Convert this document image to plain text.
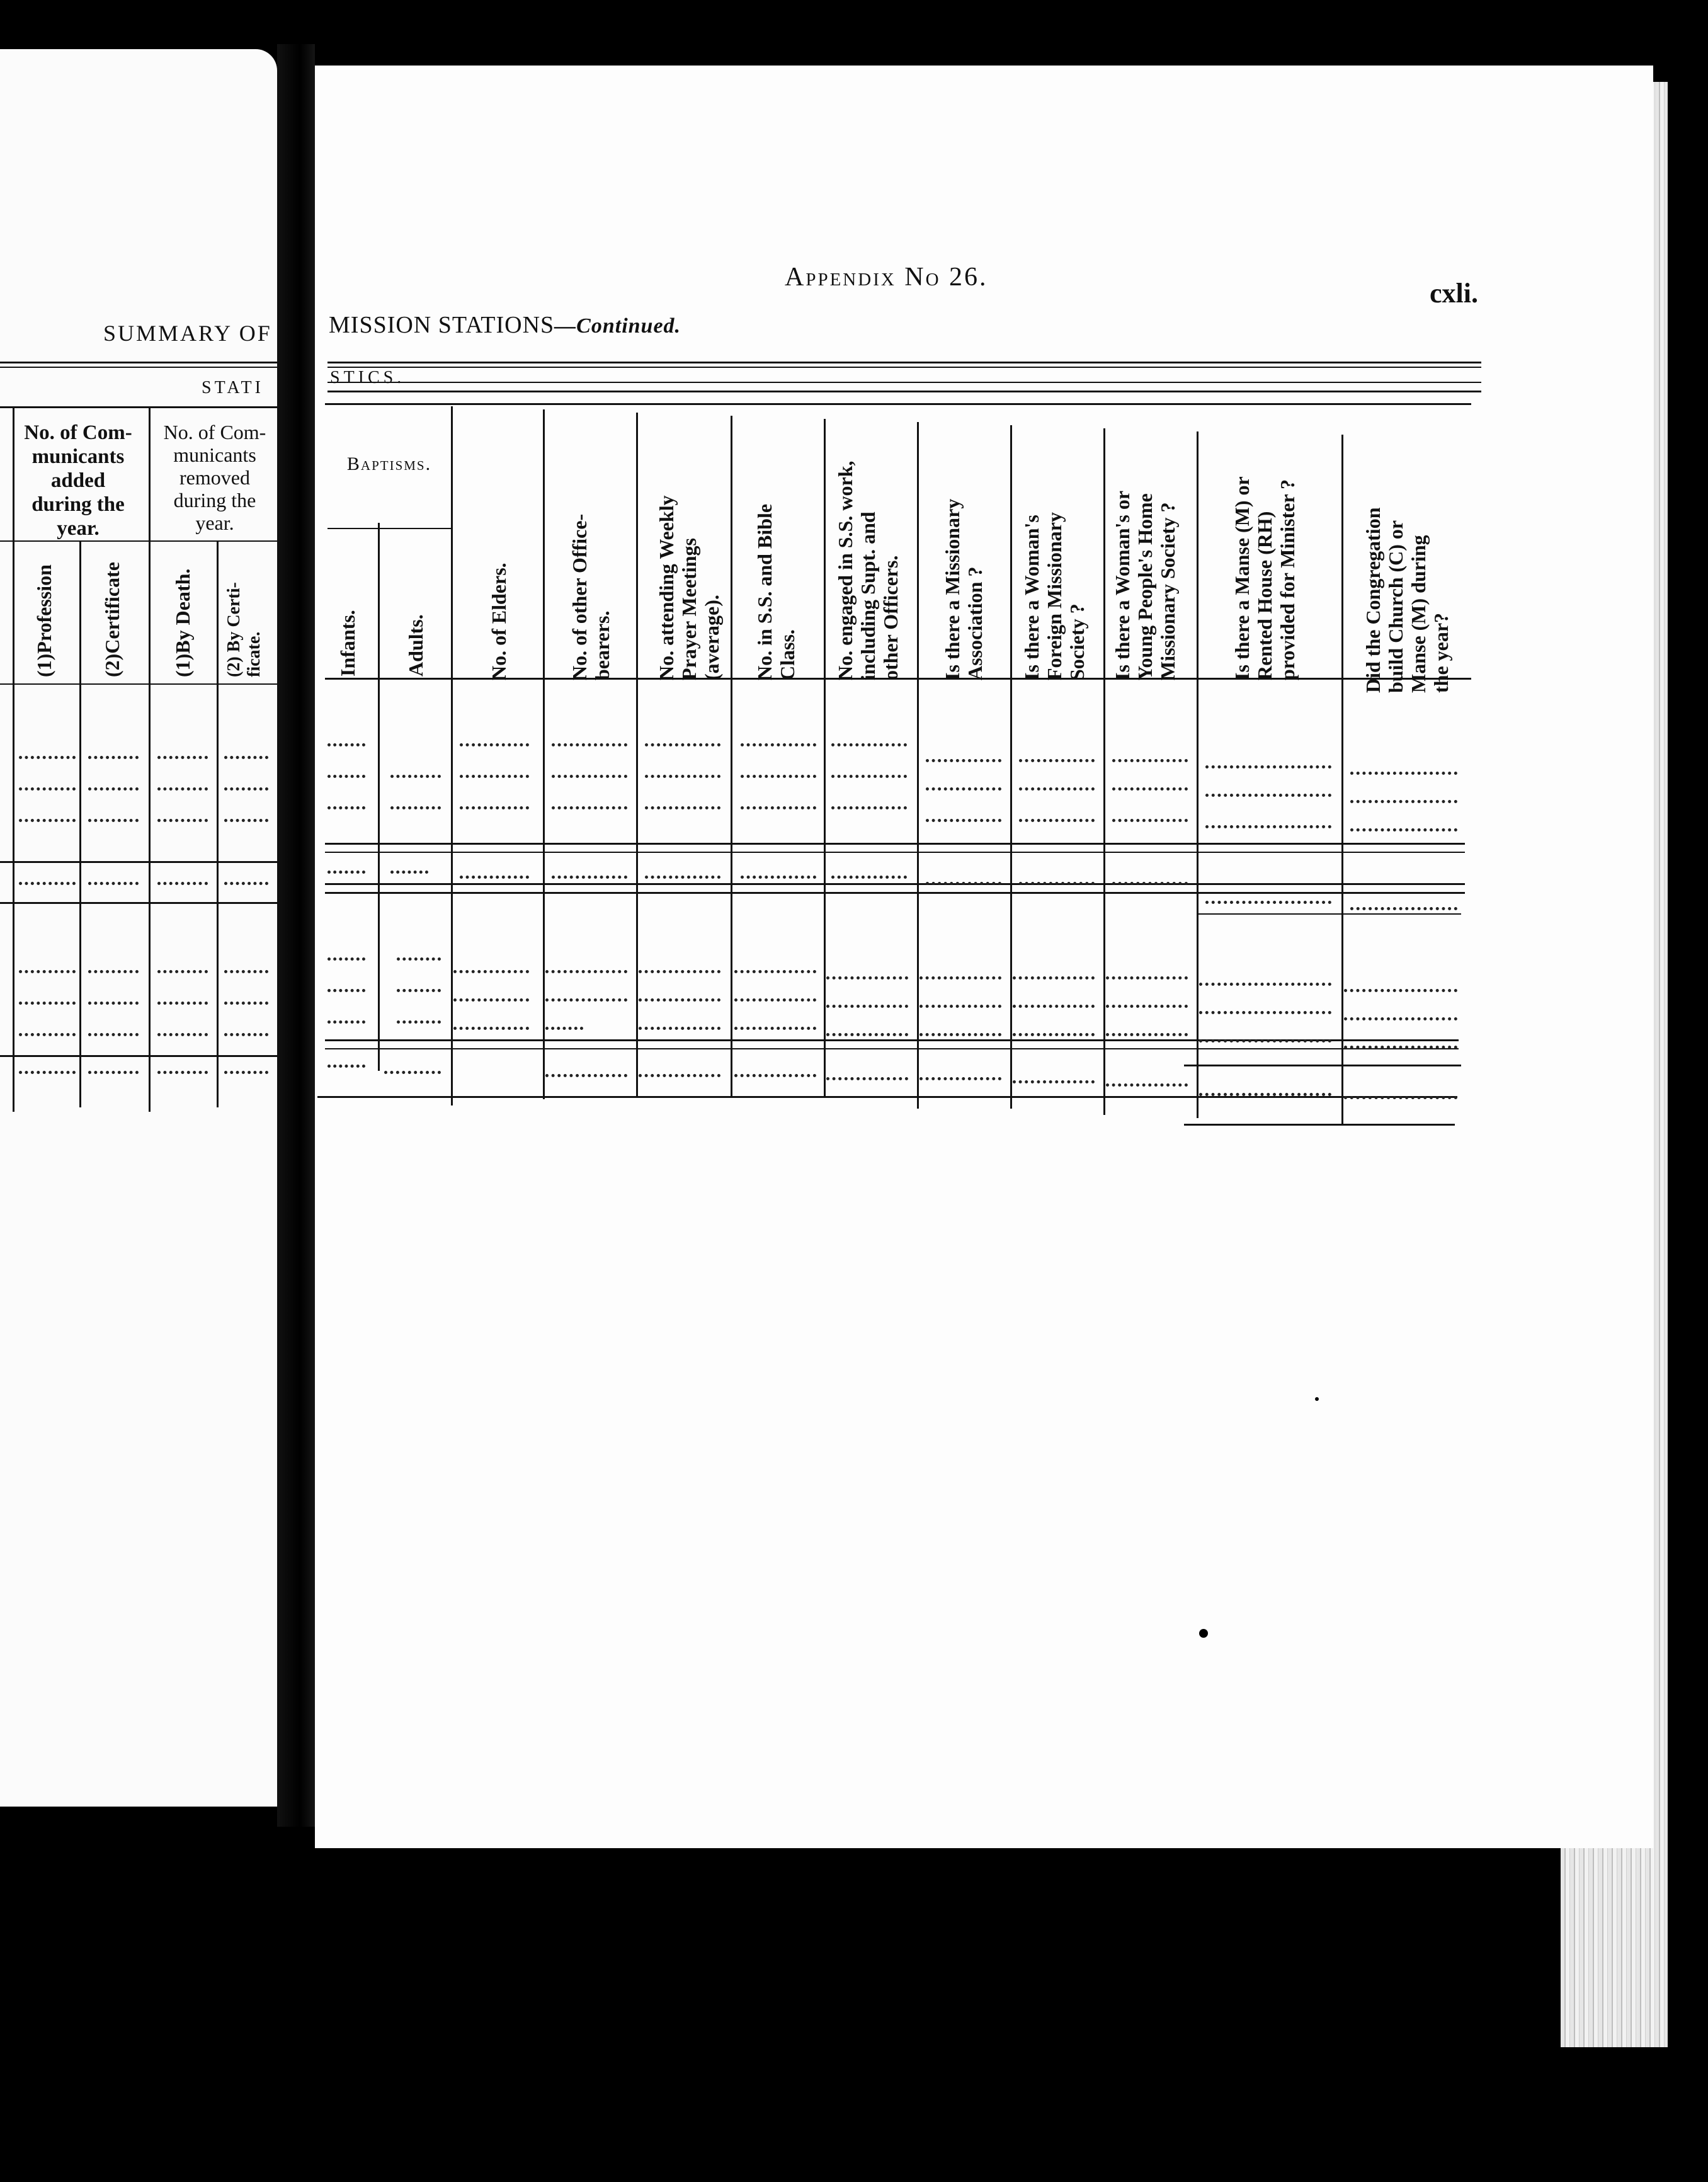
SUMMARY OF
STATI
No. of Com-
municants
added
during the
year.
No. of Com-
municants
removed
during the
year.
(1)Profession (2)Certificate (1)By Death. (2) By Certi-
ficate.
Appendix No 26.
cxli.
MISSION STATIONS—Continued.
STICS.
Baptisms.
Infants. Adults.	No. of Elders.	No. of other Office-
bearers. No. attending Weekly
Prayer Meetings
(average). No. in S.S. and Bible
Class. No. engaged in S.S. work,
including Supt. and
other Officers.
Is there a Missionary
Association ?
Is there a Woman's
Foreign Missionary
Society ?
Is there a Woman's or
Young People's Home
Missionary Society ?
Is there a Manse (M) or
Rented House (RH)
provided for Minister ?
Did the Congregation
build Church (C) or
Manse (M) during
the year?
